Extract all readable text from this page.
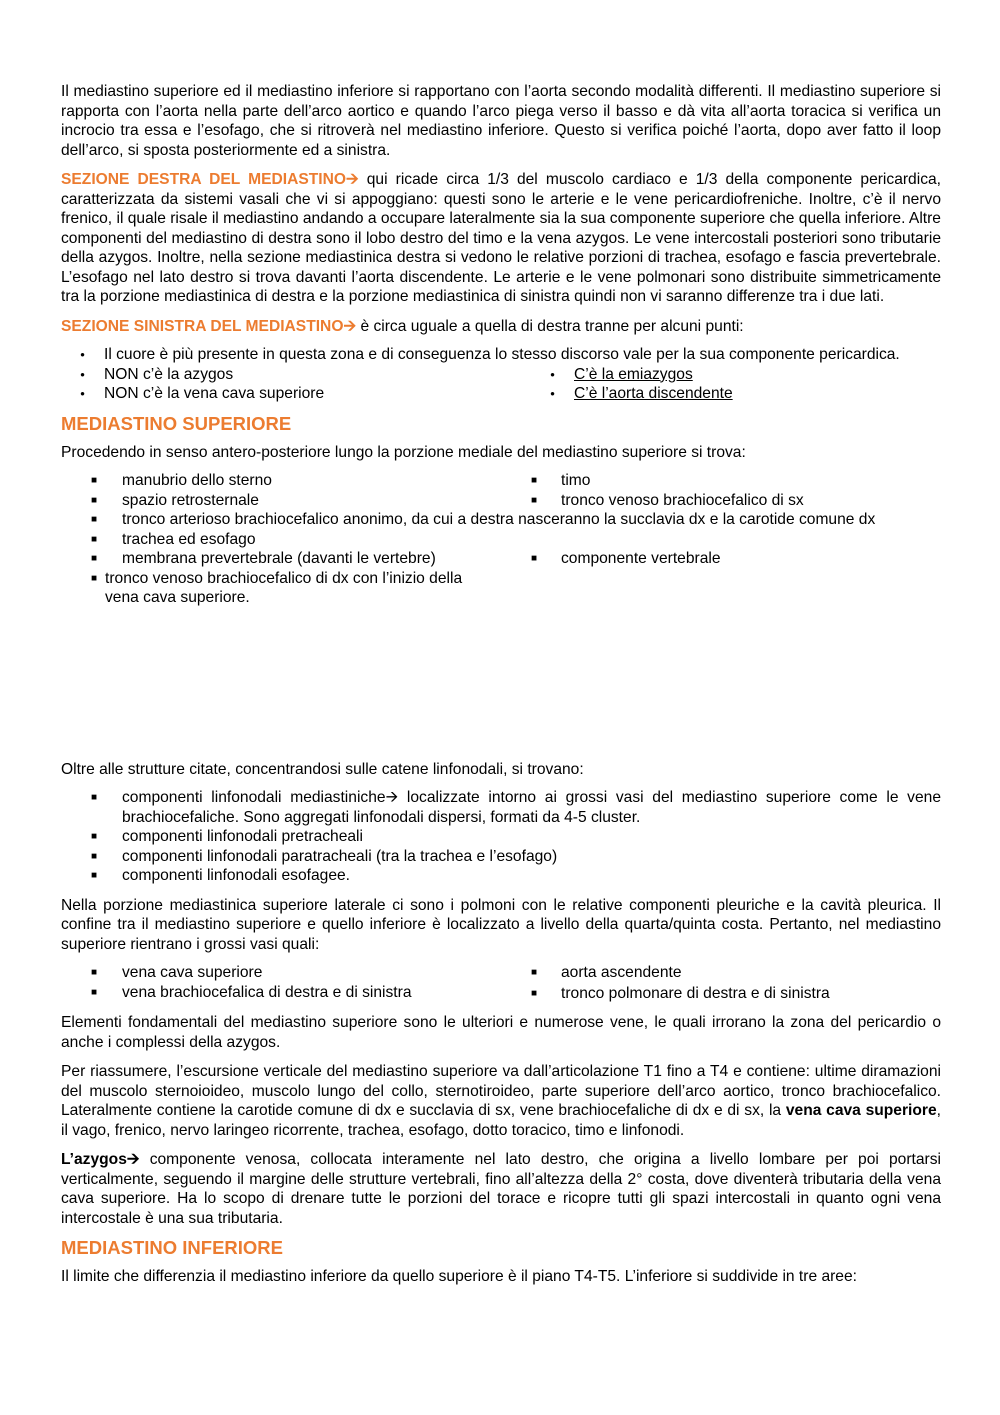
Il mediastino superiore ed il mediastino inferiore si rapportano con l’aorta secondo modalità differenti. Il mediastino superiore si rapporta con l’aorta nella parte dell’arco aortico e quando l’arco piega verso il basso e dà vita all’aorta toracica si verifica un incrocio tra essa e l’esofago, che si ritroverà nel mediastino inferiore. Questo si verifica poiché l’aorta, dopo aver fatto il loop dell’arco, si sposta posteriormente ed a sinistra.

SEZIONE DESTRA DEL MEDIASTINO🡪 qui ricade circa 1/3 del muscolo cardiaco e 1/3 della componente pericardica, caratterizzata da sistemi vasali che vi si appoggiano: questi sono le arterie e le vene pericardiofreniche. Inoltre, c’è il nervo frenico, il quale risale il mediastino andando a occupare lateralmente sia la sua componente superiore che quella inferiore. Altre componenti del mediastino di destra sono il lobo destro del timo e la vena azygos. Le vene intercostali posteriori sono tributarie della azygos. Inoltre, nella sezione mediastinica destra si vedono le relative porzioni di trachea, esofago e fascia prevertebrale. L’esofago nel lato destro si trova davanti l’aorta discendente. Le arterie e le vene polmonari sono distribuite simmetricamente tra la porzione mediastinica di destra e la porzione mediastinica di sinistra quindi non vi saranno differenze tra i due lati.

SEZIONE SINISTRA DEL MEDIASTINO🡪 è circa uguale a quella di destra tranne per alcuni punti:

•	Il cuore è più presente in questa zona e di conseguenza lo stesso discorso vale per la sua componente pericardica.
•	NON c’è la azygos	•	C’è la emiazygos
•	NON c’è la vena cava superiore	•	C’è l’aorta discendente
MEDIASTINO SUPERIORE

Procedendo in senso antero-posteriore lungo la porzione mediale del mediastino superiore si trova:

■	manubrio dello sterno	■	timo
■	spazio retrosternale	■	tronco venoso brachiocefalico di sx
■	tronco arterioso brachiocefalico anonimo, da cui a destra nasceranno la succlavia dx e la carotide comune dx
■	trachea ed esofago
■	membrana prevertebrale (davanti le vertebre)	■	componente vertebrale
■ tronco venoso brachiocefalico di dx con l’inizio della vena cava superiore.

Oltre alle strutture citate, concentrandosi sulle catene linfonodali, si trovano:

■	componenti linfonodali mediastiniche🡪 localizzate intorno ai grossi vasi del mediastino superiore come le vene brachiocefaliche. Sono aggregati linfonodali dispersi, formati da 4-5 cluster.
■	componenti linfonodali pretracheali
■	componenti linfonodali paratracheali (tra la trachea e l’esofago)
■	componenti linfonodali esofagee.

Nella porzione mediastinica superiore laterale ci sono i polmoni con le relative componenti pleuriche e la cavità pleurica. Il confine tra il mediastino superiore e quello inferiore è localizzato a livello della quarta/quinta costa. Pertanto, nel mediastino superiore rientrano i grossi vasi quali:

■	vena cava superiore	■	aorta ascendente
■	vena brachiocefalica di destra e di sinistra	■	tronco polmonare di destra e di sinistra

Elementi fondamentali del mediastino superiore sono le ulteriori e numerose vene, le quali irrorano la zona del pericardio o anche i complessi della azygos.

Per riassumere, l’escursione verticale del mediastino superiore va dall’articolazione T1 fino a T4 e contiene: ultime diramazioni del muscolo sternoioideo, muscolo lungo del collo, sternotiroideo, parte superiore dell’arco aortico, tronco brachiocefalico. Lateralmente contiene la carotide comune di dx e succlavia di sx, vene brachiocefaliche di dx e di sx, la vena cava superiore, il vago, frenico, nervo laringeo ricorrente, trachea, esofago, dotto toracico, timo e linfonodi.

L’azygos🡪 componente venosa, collocata interamente nel lato destro, che origina a livello lombare per poi portarsi verticalmente, seguendo il margine delle strutture vertebrali, fino all’altezza della 2° costa, dove diventerà tributaria della vena cava superiore. Ha lo scopo di drenare tutte le porzioni del torace e ricopre tutti gli spazi intercostali in quanto ogni vena intercostale è una sua tributaria.

MEDIASTINO INFERIORE

Il limite che differenzia il mediastino inferiore da quello superiore è il piano T4-T5. L’inferiore si suddivide in tre aree:
